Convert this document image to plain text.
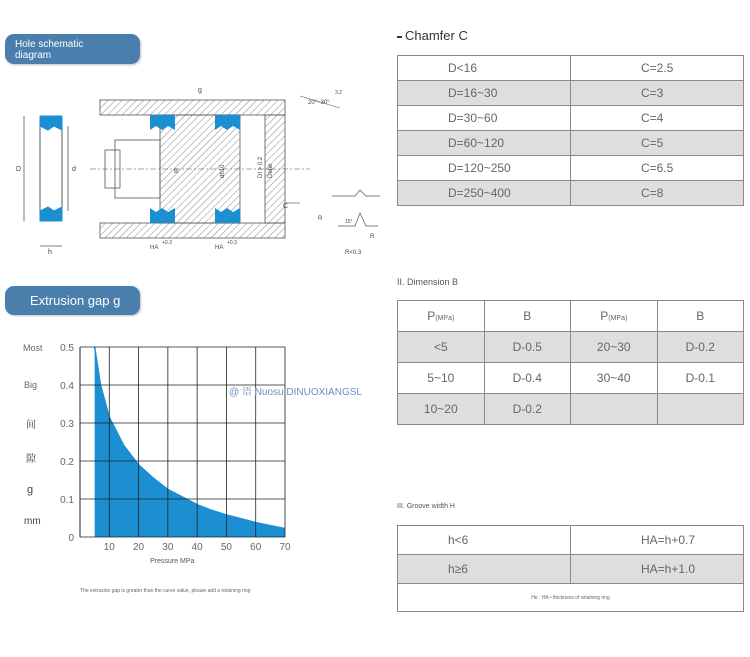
Hole schematic diagram
D	d
h
g
B	dh10	DI > 0.2 Dehe
C
20°~30°
HA
+0.3
HA
+0.3
3.2
R
R
R<0.3
15°
Chamfer C
D<16	C=2.5
D=16~30	C=3
D=30~60	C=4
D=60~120	C=5
D=120~250	C=6.5
D=250~400	C=8
II. Dimension B
P(MPa)	B	P(MPa)	B
<5	D-0.5	20~30	D-0.2
5~10	D-0.4	30~40	D-0.1
10~20	D-0.2		
III. Groove width H
h<6	HA=h+0.7
h≥6	HA=h+1.0
He : HA • thickness of retaining ring	
Extrusion gap g
Most
Big
间
隙
g
mm
10 20 30 40 50 60 70
0
0.1
0.2
0.3
0.4
0.5
Pressure MPa
The extrusion gap is greater than the curve value, please add a retaining ring
@ 语 Nuosu DINUOXIANGSL
